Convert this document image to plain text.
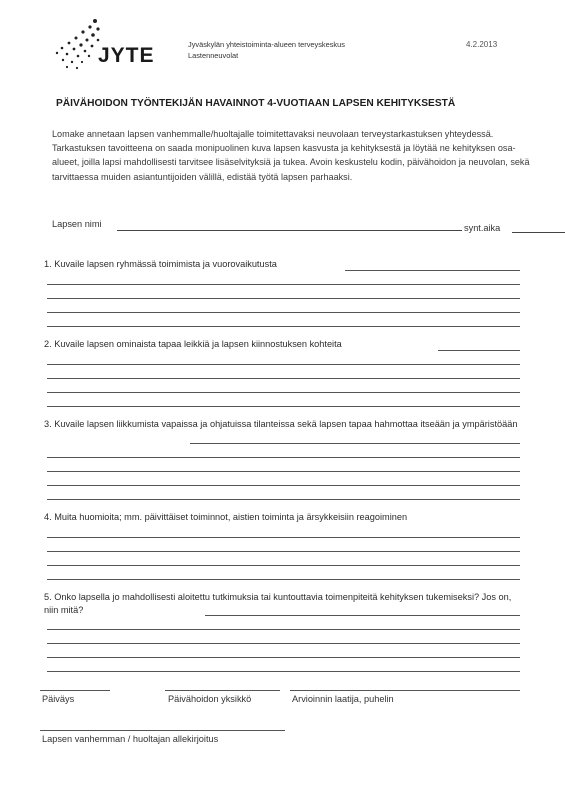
JYTE	Jyväskylän yhteistoiminta-alueen terveyskeskus
Lastenneuvolat
4.2.2013
PÄIVÄHOIDON TYÖNTEKIJÄN HAVAINNOT 4-VUOTIAAN LAPSEN KEHITYKSESTÄ

Lomake annetaan lapsen vanhemmalle/huoltajalle toimitettavaksi neuvolaan terveystarkastuksen yhteydessä. Tarkastuksen tavoitteena on saada monipuolinen kuva lapsen kasvusta ja kehityksestä ja löytää ne kehityksen osa-alueet, joilla lapsi mahdollisesti tarvitsee lisäselvityksiä ja tukea. Avoin keskustelu kodin, päivähoidon ja neuvolan, sekä tarvittaessa muiden asiantuntijoiden välillä, edistää työtä lapsen parhaaksi.

Lapsen nimi	synt.aika
1. Kuvaile lapsen ryhmässä toimimista ja vuorovaikutusta
2. Kuvaile lapsen ominaista tapaa leikkiä ja lapsen kiinnostuksen kohteita
3. Kuvaile lapsen liikkumista vapaissa ja ohjatuissa tilanteissa sekä lapsen tapaa hahmottaa itseään ja ympäristöään
4. Muita huomioita; mm. päivittäiset toiminnot, aistien toiminta ja ärsykkeisiin reagoiminen
5. Onko lapsella jo mahdollisesti aloitettu tutkimuksia tai kuntouttavia toimenpiteitä kehityksen tukemiseksi? Jos on, niin mitä?
Päiväys	Päivähoidon yksikkö	Arvioinnin laatija, puhelin
Lapsen vanhemman / huoltajan allekirjoitus
